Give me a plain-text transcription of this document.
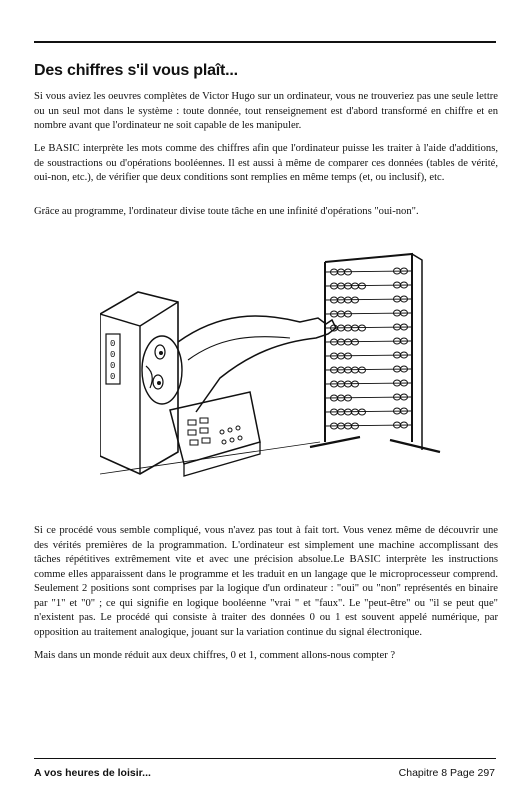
Des chiffres s'il vous plaît...

Si vous aviez les oeuvres complètes de Victor Hugo sur un ordinateur, vous ne trouveriez pas une seule lettre ou un seul mot dans le système : toute donnée, tout renseignement est d'abord transformé en chiffre et en nombre avant que l'ordinateur ne soit capable de les manipuler.

Le BASIC interprète les mots comme des chiffres afin que l'ordinateur puisse les traiter à l'aide d'additions, de soustractions ou d'opérations booléennes. Il est aussi à même de comparer ces données (tables de vérité, oui-non, etc.), de vérifier que deux conditions sont remplies en même temps (et, ou inclusif), etc.

Grâce au programme, l'ordinateur divise toute tâche en une infinité d'opérations "oui-non".

0 0 0 0

Si ce procédé vous semble compliqué, vous n'avez pas tout à fait tort. Vous venez même de découvrir une des vérités premières de la programmation. L'ordinateur est simplement une machine accomplissant des tâches répétitives extrêmement vite et avec une précision absolue.Le BASIC interprète les instructions comme elles apparaissent dans le programme et les traduit en un langage que le microprocesseur comprend. Seulement 2 positions sont comprises par la logique d'un ordinateur : "oui" ou "non" représentés en binaire par "1" et "0" ; ce qui signifie en logique booléenne "vrai " et "faux". Le "peut-être" ou "il se peut que" n'existent pas. Le procédé qui consiste à traiter des données 0 ou 1 est souvent appelé numérique, par opposition au traitement analogique, jouant sur la variation continue du signal électronique.

Mais dans un monde réduit aux deux chiffres, 0 et 1, comment allons-nous compter ?

A vos heures de loisir...	Chapitre 8 Page 297
